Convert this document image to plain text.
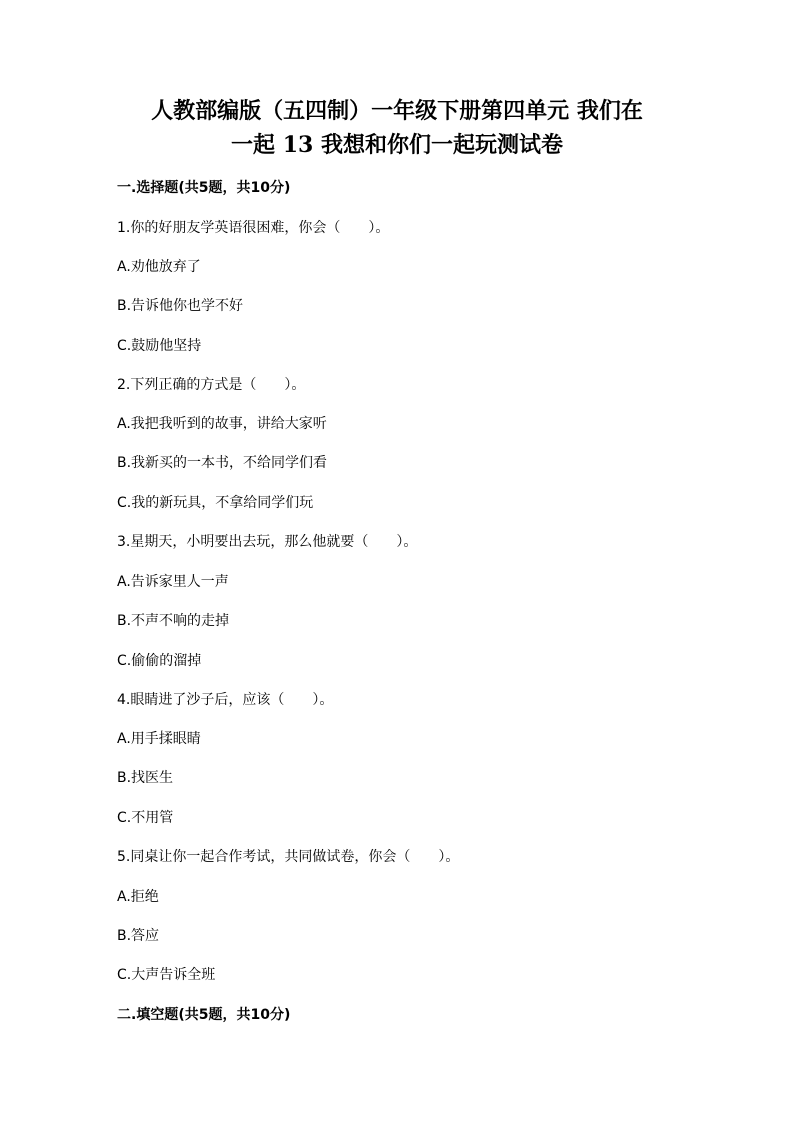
人教部编版（五四制）一年级下册第四单元 我们在
一起 13 我想和你们一起玩测试卷
一.选择题(共5题，共10分)
1.你的好朋友学英语很困难，你会（　　）。
A.劝他放弃了
B.告诉他你也学不好
C.鼓励他坚持
2.下列正确的方式是（　　）。
A.我把我听到的故事，讲给大家听
B.我新买的一本书，不给同学们看
C.我的新玩具，不拿给同学们玩
3.星期天，小明要出去玩，那么他就要（　　）。
A.告诉家里人一声
B.不声不响的走掉
C.偷偷的溜掉
4.眼睛进了沙子后，应该（　　）。
A.用手揉眼睛
B.找医生
C.不用管
5.同桌让你一起合作考试，共同做试卷，你会（　　）。
A.拒绝
B.答应
C.大声告诉全班
二.填空题(共5题，共10分)
